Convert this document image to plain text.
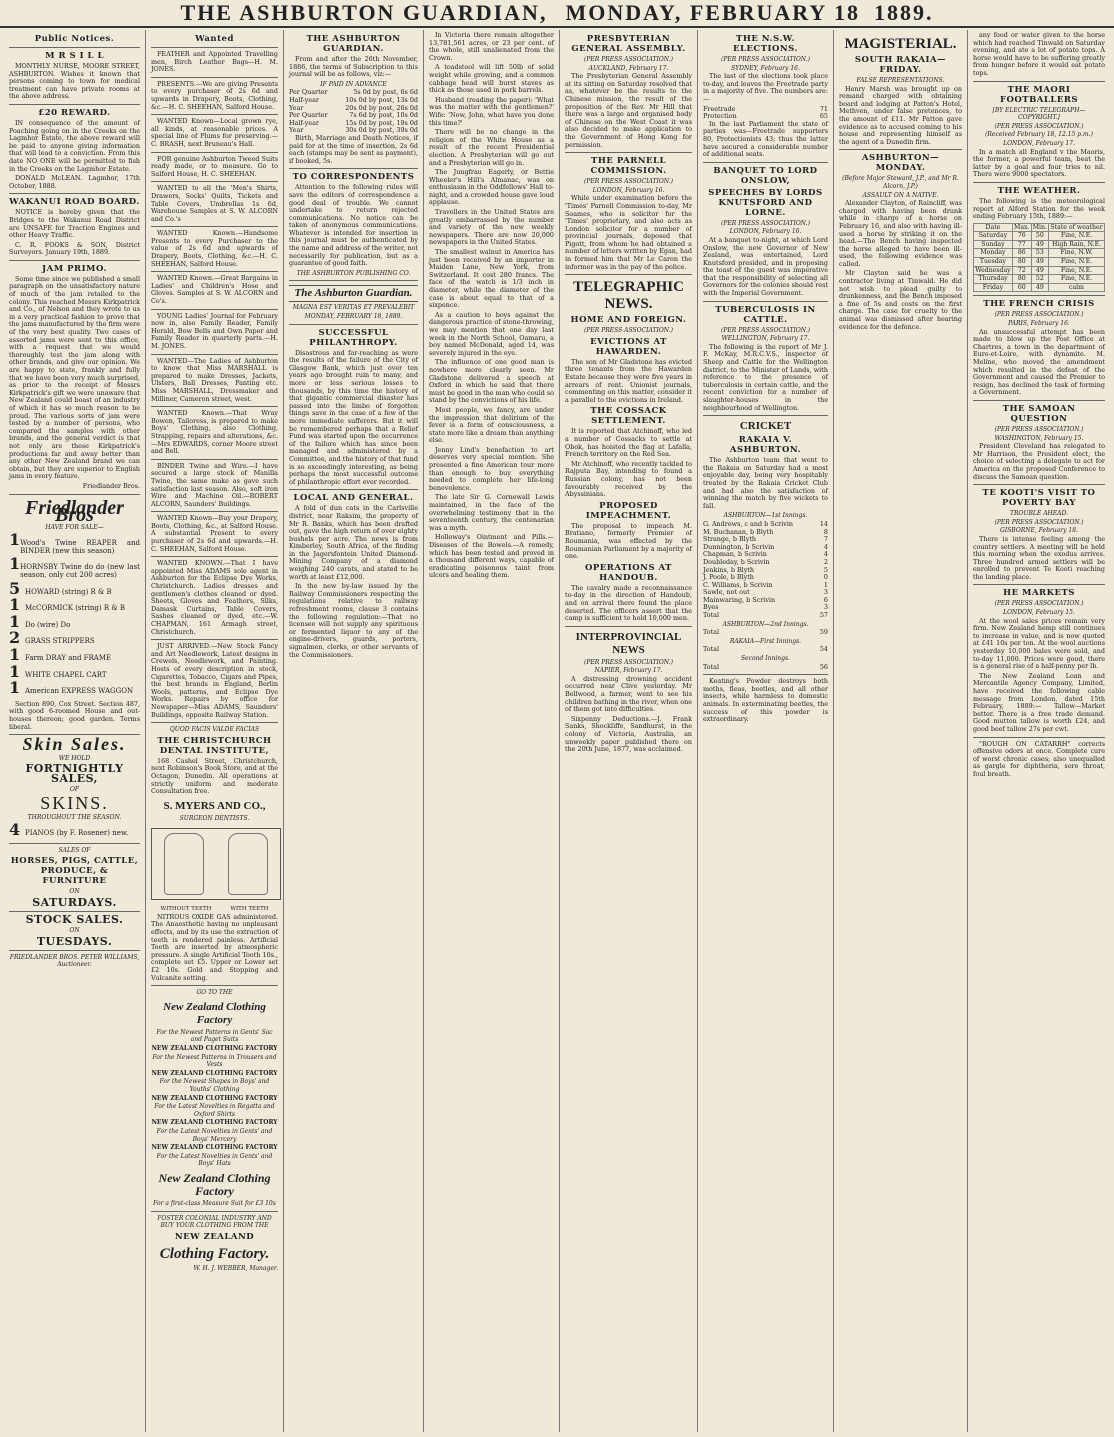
THE ASHBURTON GUARDIAN, MONDAY, FEBRUARY 18 1889.
Public Notices.
M R S I L L

MONTHLY NURSE, MOORE STREET, ASHBURTON. Wishes it known that persons coming to town for medical treatment can have private rooms at the above address.

£20 REWARD.

IN consequence of the amount of Poaching going on in the Creeks on the Lagmhor Estate, the above reward will be paid to anyone giving information that will lead to a conviction. From this date NO ONE will be permitted to fish in the Creeks on the Lagmhor Estate.

DONALD McLEAN. Lagmhor, 17th October, 1888.

WAKANUI ROAD BOARD.

NOTICE is hereby given that the Bridges to the Wakanui Road District are UNSAFE for Traction Engines and other Heavy Traffic.

C. R. FOOKS & SON, District Surveyors. January 19th, 1889.

JAM PRIMO.

Some time since we published a small paragraph on the unsatisfactory nature of much of the jam retailed to the colony. This reached Messrs Kirkpatrick and Co., of Nelson and they wrote to us in a very practical fashion to prove that the jams manufactured by the firm were of the very best quality. Two cases of assorted jams were sent to this office, with a request that we would thoroughly test the jam along with other brands, and give our opinion. We are happy to state, frankly and fully that we have been very much surprised, as prior to the receipt of Messrs Kirkpatrick's gift we were unaware that New Zealand could boast of an industry of which it has so much reason to be proud. The various sorts of jam were tested by a number of persons, who compared the samples with other brands, and the general verdict is that not only are these Kirkpatrick's productions far and away better than any other New Zealand brand we can obtain, but they are superior to English jams in every feature.

Friedlander Bros.

Friedlander Bros
HAVE FOR SALE—
1 Wood's Twine REAPER and BINDER (new this season)
1 HORNSBY Twine do do (new last season, only cut 200 acres)
5 HOWARD (string) R & B
1 McCORMICK (string) R & B
1 Do (wire) Do
2 GRASS STRIPPERS
1 Farm DRAY and FRAME
1 WHITE CHAPEL CART
1 American EXPRESS WAGGON

Section 890, Cox Street. Section 487, with good 6-roomed House and out-houses thereon; good garden. Terms liberal.

Skin Sales.
WE HOLD
FORTNIGHTLY SALES,
OF
SKINS.
THROUGHOUT THE SEASON.
4 PIANOS (by F. Rosener) new.
SALES OF
HORSES, PIGS, CATTLE, PRODUCE, & FURNITURE
ON
SATURDAYS.
STOCK SALES.
ON
TUESDAYS.
FRIEDLANDER BROS. PETER WILLIAMS, Auctioneer.
Wanted

FEATHER and Appointed Travelling men, Birch Leather Bags—H. M. JONES.

PRESENTS.—We are giving Presents to every purchaser of 2s 6d and upwards in Drapery, Boots, Clothing, &c.—H. C. SHEEHAN, Salford House.

WANTED Known—Local grown rye, all kinds, at reasonable prices. A special line of Plums for preserving.—C. BRASH, next Bruneau's Hall.

FOR genuine Ashburton Tweed Suits ready made, or to measure. Go to Salford House, H. C. SHEEHAN.

WANTED to all the 'Men's Shirts, Drawers, Socks' Quilts, Tickets and Table Covers, Umbrellas 1s 6d, Warehouse Samples at S. W. ALCORN and Co.'s

WANTED Known.—Handsome Presents to every Purchaser to the value of 2s 6d and upwards of Drapery, Boots, Clothing, &c.—H. C. SHEEHAN, Salford House.

WANTED Known.—Great Bargains in Ladies' and Children's Hose and Gloves. Samples at S. W. ALCORN and Co's.

YOUNG Ladies' Journal for February now in, also Family Reader, Family Herald, Bow Bells and Own Paper and Family Reader in quarterly parts.—H. M. JONES.

WANTED—The Ladies of Ashburton to know that Miss MARSHALL is prepared to make Dresses, Jackets, Ulsters, Ball Dresses, Panting etc. Miss MARSHALL, Dressmaker and Milliner, Cameron street, west.

WANTED Known.—That Wray Bowen, Tailoress, is prepared to make Boys' Clothing, also Clothing, Strapping, repairs and alterations, &c.—Mrs EDWARDS, corner Moore street and Bell.

BINDER Twine and Wire.—I have secured a large stock of Manilla Twine, the same make as gave such satisfaction last season. Also, soft iron Wire and Machine Oil.—ROBERT ALCORN, Saunders' Buildings.

WANTED Known—Buy your Drapery, Boots, Clothing, &c., at Salford House. A substantial Present to every purchaser of 2s 6d and upwards.—H. C. SHEEHAN, Salford House.

WANTED KNOWN.—That I have appointed Miss ADAMS sole agent in Ashburton for the Eclipse Dye Works, Christchurch. Ladies dresses and gentlemen's clothes cleaned or dyed. Sheets, Gloves and Feathers, Silks, Damask Curtains, Table Covers, Sashes cleaned or dyed, etc.—W. CHAPMAN, 161 Armagh street, Christchurch.

JUST ARRIVED.—New Stock Fancy and Art Needlework, Latest designs in Crewels, Needlework, and Painting. Hosts of every description in stock, Cigarettes, Tobacco, Cigars and Pipes, the best brands in England, Berlin Wools, patterns, and Eclipse Dye Works. Repairs by office for Newspaper—Miss ADAMS, Saunders' Buildings, opposite Railway Station.

QUOD FACIS VALDE FACIAS
THE CHRISTCHURCH DENTAL INSTITUTE,

168 Cashel Street, Christchurch, next Robinson's Book Store, and at the Octagon, Dunedin. All operations at strictly uniform and moderate Consultation free.

S. MYERS AND CO.,
SURGEON DENTISTS.
WITHOUT TEETH	WITH TEETH

NITROUS OXIDE GAS administered. The Anaesthetic having no unpleasant effects, and by its use the extraction of teeth is rendered painless. Artificial Teeth are inserted by atmospheric pressure. A single Artificial Tooth 10s., complete set £5. Upper or Lower set £2 10s. Gold and Stopping and Vulcanite setting.

GO TO THE
New Zealand Clothing Factory
For the Newest Patterns in Gents' Sac and Paget Suits
NEW ZEALAND CLOTHING FACTORY
For the Newest Patterns in Trousers and Vests
NEW ZEALAND CLOTHING FACTORY
For the Newest Shapes in Boys' and Youths' Clothing
NEW ZEALAND CLOTHING FACTORY
For the Latest Novelties in Regatta and Oxford Shirts
NEW ZEALAND CLOTHING FACTORY
For the Latest Novelties in Gents' and Boys' Mercery
NEW ZEALAND CLOTHING FACTORY
For the Latest Novelties in Gents' and Boys' Hats
New Zealand Clothing Factory
For a first-class Measure Suit for £3 10s
FOSTER COLONIAL INDUSTRY AND BUY YOUR CLOTHING FROM THE
NEW ZEALAND
Clothing Factory.
W. H. J. WEBBER, Manager.
THE ASHBURTON GUARDIAN.

From and after the 26th November, 1886, the terms of Subscription to this journal will be as follows, viz:—

IF PAID IN ADVANCE
Per Quarter	5s 0d by post, 6s 6d
Half-year	10s 0d by post, 13s 0d
Year	20s 0d by post, 26s 0d
Per Quarter	7s 6d by post, 10s 0d
Half-year	15s 0d by post, 19s 0d
Year	30s 0d by post, 39s 0d

Birth, Marriage and Death Notices, if paid for at the time of insertion, 2s 6d each (stamps may be sent as payment), if booked, 5s.

TO CORRESPONDENTS

Attention to the following rules will save the editors of correspondence a good deal of trouble. We cannot undertake to return rejected communications. No notice can be taken of anonymous communications. Whatever is intended for insertion in this journal must be authenticated by the name and address of the writer, not necessarily for publication, but as a guarantee of good faith.

THE ASHBURTON PUBLISHING CO.
The Ashburton Guardian.
MAGNA EST VERITAS ET PREVALEBIT
MONDAY, FEBRUARY 18, 1889.
SUCCESSFUL PHILANTHROPY.

Disastrous and far-reaching as were the results of the failure of the City of Glasgow Bank, which just over ten years ago brought ruin to many, and more or less serious losses to thousands, by this time the history of that gigantic commercial disaster has passed into the limbo of forgotten things save in the case of a few of the more immediate sufferers. But it will be remembered perhaps that a Relief Fund was started upon the occurrence of the failure which has since been managed and administered by a Committee, and the history of that fund is so exceedingly interesting, as being perhaps the most successful outcome of philanthropic effort ever recorded.

LOCAL AND GENERAL.

A fold of dun cats in the Carlsville district, near Raksim, the property of Mr R. Banks, which has been drafted out, gave the high return of over eighty bushels per acre. The news is from Kimberley, South Africa, of the finding in the Jagersfontein United Diamond-Mining Company of a diamond weighing 240 carats, and stated to be worth at least £12,000.

In the new by-law issued by the Railway Commissioners respecting the regulations relative to railway refreshment rooms, clause 3 contains the following regulation:—That no licensee will not supply any spirituous or fermented liquor to any of the engine-drivers, guards, porters, signalmen, clerks, or other servants of the Commissioners.

In Victoria there remain altogether 13,781,561 acres, or 23 per cent. of the whole, still unalienated from the Crown.

A toadstool will lift 50lb of solid weight while growing, and a common cabbage head will burst staves as thick as those used in pork barrels.

Husband (reading the paper): 'What was the matter with the gentlemen?' Wife: 'Now, John, what have you done this time?'

There will be no change in the religion of the White House as a result of the recent Presidential election. A Presbyterian will go out and a Presbyterian will go in.

The Jungfrau Eagerly, or Bettie Wheeler's Hill's Almanac, was on enthusiasm in the Oddfellows' Hall to-night, and a crowded house gave loud applause.

Travellers in the United States are greatly embarrassed by the number and variety of the new weekly newspapers. There are now 20,000 newspapers in the United States.

The smallest walnut in America has just been received by an importer in Maiden Lane, New York, from Switzerland. It cost 280 francs. The face of the watch is 1/3 inch in diameter, while the diameter of the case is about equal to that of a sixpence.

As a caution to boys against the dangerous practice of stone-throwing, we may mention that one day last week in the North School, Oamaru, a boy named McDonald, aged 14, was severely injured in the eye.

The influence of one good man is nowhere more clearly seen. Mr Gladstone delivered a speech at Oxford in which he said that there must be good in the man who could so stand by the convictions of his life.

Most people, we fancy, are under the impression that delirium of the fever is a form of consciousness, a state more like a dream than anything else.

Jenny Lind's benefaction to art deserves very special mention. She presented a fine American tour more than enough to buy everything needed to complete her life-long benevolence.

The late Sir G. Cornewall Lewis maintained, in the face of the overwhelming testimony that in the seventeenth century, the centenarian was a myth.

Holloway's Ointment and Pills.—Diseases of the Bowels.—A remedy, which has been tested and proved in a thousand different ways, capable of eradicating poisonous taint from ulcers and healing them.

PRESBYTERIAN GENERAL ASSEMBLY.
(PER PRESS ASSOCIATION.)
AUCKLAND, February 17.

The Presbyterian General Assembly at its sitting on Saturday resolved that as, whatever be the results to the Chinese mission, the result of the proposition of the Rev. Mr Hill that there was a large and organised body of Chinese on the West Coast it was also decided to make application to the Government of Hong Kong for permission.

THE PARNELL COMMISSION.
(PER PRESS ASSOCIATION.)
LONDON, February 16.

While under examination before the 'Times' Parnell Commission to-day, Mr Soames, who is solicitor for the 'Times' proprietary, and also acts as London solicitor for a number of provincial journals, deposed that Pigott, from whom he had obtained a number of letters written by Egan, had in formed him that Mr Le Caron the informer was in the pay of the police.

TELEGRAPHIC NEWS.
HOME AND FOREIGN.
(PER PRESS ASSOCIATION.)
EVICTIONS AT HAWARDEN.

The son of Mr Gladstone has evicted three tenants from the Hawarden Estate because they were five years in arrears of rent. Unionist journals, commenting on this matter, consider it a parallel to the evictions in Ireland.

THE COSSACK SETTLEMENT.

It is reported that Atchinoff, who led a number of Cossacks to settle at Obok, has hoisted the flag at Lafalla, French territory on the Red Sea.

Mr Atchinoff, who recently tackled to Rajputa Bay, intending to found a Russian colony, has not been favourably received by the Abyssinians.

PROPOSED IMPEACHMENT.

The proposal to impeach M. Bratiano, formerly Premier of Roumania, was effected by the Roumanian Parliament by a majority of one.

OPERATIONS AT HANDOUB.

The cavalry made a reconnaissance to-day in the direction of Handoub, and on arrival there found the place deserted. The officers assert that the camp is sufficient to hold 10,000 men.

INTERPROVINCIAL NEWS
(PER PRESS ASSOCIATION.)
NAPIER, February 17.

A distressing drowning accident occurred near Clive yesterday. Mr Bellwood, a farmer, went to see his children bathing in the river, when one of them got into difficulties.

Sixpenny Deductions.—J. Frank Sanks, Shockliffe, Sandhurst, in the colony of Victoria, Australia, an unweekly paper published there on the 20th June, 1877, was acclaimed.

THE N.S.W. ELECTIONS.
(PER PRESS ASSOCIATION.)
SYDNEY, February 16.

The last of the elections took place to-day, and leaves the Freetrade party in a majority of five. The numbers are:—

Freetrade	71
Protection	65

In the last Parliament the state of parties was—Freetrade supporters 80, Protectionists 43; thus the latter have secured a considerable number of additional seats.

BANQUET TO LORD ONSLOW,
SPEECHES BY LORDS KNUTSFORD AND LORNE.
(PER PRESS ASSOCIATION.)
LONDON, February 16.

At a banquet to-night, at which Lord Onslow, the new Governor of New Zealand, was entertained, Lord Knutsford presided, and in proposing the toast of the guest was imperative that the responsibility of selecting all Governors for the colonies should rest with the Imperial Government.

TUBERCULOSIS IN CATTLE.
(PER PRESS ASSOCIATION.)
WELLINGTON, February 17.

The following is the report of Mr J. F. McKay, M.R.C.V.S., inspector of Sheep and Cattle for the Wellington district, to the Minister of Lands, with reference to the presence of tuberculosis in certain cattle, and the recent conviction for a number of slaughter-houses in the neighbourhood of Wellington.

CRICKET
RAKAIA V. ASHBURTON.

The Ashburton team that went to the Rakaia on Saturday had a most enjoyable day, being very hospitably treated by the Rakaia Cricket Club and had also the satisfaction of winning the match by five wickets to fall.

ASHBURTON—1st Innings.
G. Andrews, c and b Scrivin	14
M. Buchanan, b Blyth	8
Strange, b Blyth	7
Dunnington, b Scrivin	4
Chapman, b Scrivin	4
Doubleday, b Scrivin	2
Jenkins, b Blyth	5
J. Poole, b Blyth	0
C. Williams, b Scrivin	1
Sawle, not out	3
Mainwaring, b Scrivin	6
Byes	3
Total	57
ASHBURTON—2nd Innings.
Total	59
RAKAIA—First Innings.
Total	54
Second Innings.
Total	56

Keating's Powder destroys both moths, fleas, beetles, and all other insects, while harmless to domestic animals. In exterminating beetles, the success of this powder is extraordinary.

MAGISTERIAL.
SOUTH RAKAIA—FRIDAY.
FALSE REPRESENTATIONS.

Henry Marsh was brought up on remand charged with obtaining board and lodging at Patton's Hotel, Methven, under false pretences, to the amount of £11. Mr Patton gave evidence as to accused coming to his house and representing himself as the agent of a Dunedin firm.

ASHBURTON—MONDAY.
(Before Major Steward, J.P., and Mr R. Alcorn, J.P.)
ASSAULT ON A NATIVE.

Alexander Clayton, of Raincliff, was charged with having been drunk while in charge of a horse on February 16, and also with having ill-used a horse by striking it on the head.—The Bench having inspected the horse alleged to have been ill-used, the following evidence was called.

Mr Clayton said he was a contractor living at Tinwald. He did not wish to plead guilty to drunkenness, and the Bench imposed a fine of 5s and costs on the first charge. The case for cruelty to the animal was dismissed after hearing evidence for the defence.

any food or water given to the horse which had reached Tinwald on Saturday evening, and ate a lot of potato tops. A horse would have to be suffering greatly from hunger before it would eat potato tops.

THE MAORI FOOTBALLERS
[BY ELECTRIC TELEGRAPH—COPYRIGHT.]
(PER PRESS ASSOCIATION.)
(Received February 18, 12.15 p.m.)
LONDON, February 17.

In a match all England v the Maoris, the former, a powerful team, beat the latter by a goal and four tries to nil. There were 9000 spectators.

THE WEATHER.

The following is the meteorological report at Alford Station for the week ending February 15th, 1889:—

Date	Max.	Min.	State of weather
Saturday	76	50	Fine, N.E.
Sunday	77	49	High Rain, N.E.
Monday	86	53	Fine, N.W.
Tuesday	80	49	Fine, N.E.
Wednesday	72	49	Fine, N.E.
Thursday	80	52	Fine, N.E.
Friday	60	49	calm
THE FRENCH CRISIS
(PER PRESS ASSOCIATION.)
PARIS, February 16.

An unsuccessful attempt has been made to blow up the Post Office at Chartres, a town in the department of Eure-et-Loire, with dynamite. M. Meline, who moved the amendment which resulted in the defeat of the Government and caused the Premier to resign, has declined the task of forming a Government.

THE SAMOAN QUESTION
(PER PRESS ASSOCIATION.)
WASHINGTON, February 15.

President Cleveland has relegated to Mr Harrison, the President elect, the choice of selecting a delegate to act for America on the proposed Conference to discuss the Samoan question.

TE KOOTI'S VISIT TO POVERTY BAY
TROUBLE AHEAD.
(PER PRESS ASSOCIATION.)
GISBORNE, February 18.

There is intense feeling among the country settlers. A meeting will be held this morning when the exodus arrives. Three hundred armed settlers will be enrolled to prevent Te Kooti reaching the landing place.

HE MARKETS
(PER PRESS ASSOCIATION.)
LONDON, February 15.

At the wool sales prices remain very firm. New Zealand hemp still continues to increase in value, and is now quoted at £41 10s per ton. At the wool auctions yesterday 10,000 bales were sold, and to-day 11,000. Prices were good, there is a general rise of a half-penny per lb.

The New Zealand Loan and Mercantile Agency Company, Limited, have received the following cable message from London, dated 15th February, 1889:— Tallow—Market better. There is a free trade demand. Good mutton tallow is worth £24, and good beef tallow 27s per cwt.

"ROUGH ON CATARRH" corrects offensive odors at once. Complete cure of worst chronic cases; also unequalled as gargle for diphtheria, sore throat, foul breath.
